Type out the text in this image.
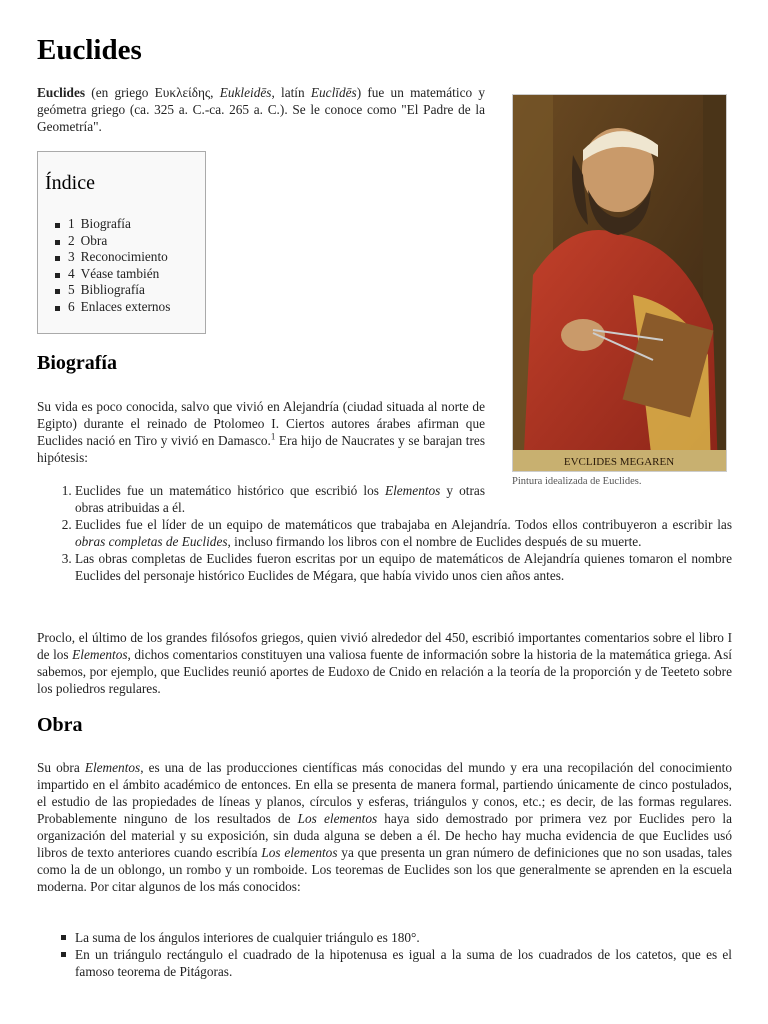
Euclides

Euclides (en griego Ευκλείδης, Eukleidēs, latín Euclīdēs) fue un matemático y geómetra griego (ca. 325 a. C.-ca. 265 a. C.). Se le conoce como "El Padre de la Geometría".

Índice
1 Biografía
2 Obra
3 Reconocimiento
4 Véase también
5 Bibliografía
6 Enlaces externos
EVCLIDES MEGAREN
Pintura idealizada de Euclides.
Biografía

Su vida es poco conocida, salvo que vivió en Alejandría (ciudad situada al norte de Egipto) durante el reinado de Ptolomeo I. Ciertos autores árabes afirman que Euclides nació en Tiro y vivió en Damasco.$^1$ Era hijo de Naucrates y se barajan tres hipótesis:

1. Euclides fue un matemático histórico que escribió los Elementos y otras obras atribuidas a él.
2. Euclides fue el líder de un equipo de matemáticos que trabajaba en Alejandría. Todos ellos contribuyeron a escribir las obras completas de Euclides, incluso firmando los libros con el nombre de Euclides después de su muerte.
3. Las obras completas de Euclides fueron escritas por un equipo de matemáticos de Alejandría quienes tomaron el nombre Euclides del personaje histórico Euclides de Mégara, que había vivido unos cien años antes.

Proclo, el último de los grandes filósofos griegos, quien vivió alrededor del 450, escribió importantes comentarios sobre el libro I de los Elementos, dichos comentarios constituyen una valiosa fuente de información sobre la historia de la matemática griega. Así sabemos, por ejemplo, que Euclides reunió aportes de Eudoxo de Cnido en relación a la teoría de la proporción y de Teeteto sobre los poliedros regulares.

Obra

Su obra Elementos, es una de las producciones científicas más conocidas del mundo y era una recopilación del conocimiento impartido en el ámbito académico de entonces. En ella se presenta de manera formal, partiendo únicamente de cinco postulados, el estudio de las propiedades de líneas y planos, círculos y esferas, triángulos y conos, etc.; es decir, de las formas regulares. Probablemente ninguno de los resultados de Los elementos haya sido demostrado por primera vez por Euclides pero la organización del material y su exposición, sin duda alguna se deben a él. De hecho hay mucha evidencia de que Euclides usó libros de texto anteriores cuando escribía Los elementos ya que presenta un gran número de definiciones que no son usadas, tales como la de un oblongo, un rombo y un romboide. Los teoremas de Euclides son los que generalmente se aprenden en la escuela moderna. Por citar algunos de los más conocidos:

La suma de los ángulos interiores de cualquier triángulo es 180°.
En un triángulo rectángulo el cuadrado de la hipotenusa es igual a la suma de los cuadrados de los catetos, que es el famoso teorema de Pitágoras.
